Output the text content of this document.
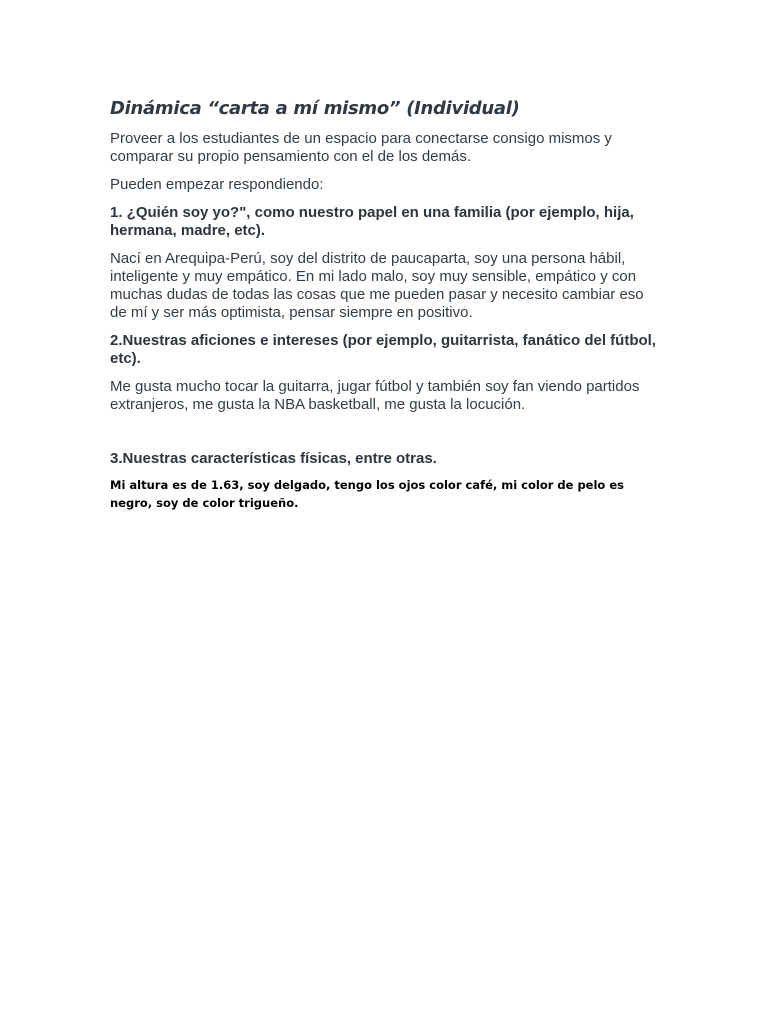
Dinámica “carta a mí mismo” (Individual)

Proveer a los estudiantes de un espacio para conectarse consigo mismos y comparar su propio pensamiento con el de los demás.

Pueden empezar respondiendo:

1. ¿Quién soy yo?", como nuestro papel en una familia (por ejemplo, hija, hermana, madre, etc).

Nací en Arequipa-Perú, soy del distrito de paucaparta, soy una persona hábil, inteligente y muy empático. En mi lado malo, soy muy sensible, empático y con muchas dudas de todas las cosas que me pueden pasar y necesito cambiar eso de mí y ser más optimista, pensar siempre en positivo.

2.Nuestras aficiones e intereses (por ejemplo, guitarrista, fanático del fútbol, etc).

Me gusta mucho tocar la guitarra, jugar fútbol y también soy fan viendo partidos extranjeros, me gusta la NBA basketball, me gusta la locución.

3.Nuestras características físicas, entre otras.

Mi altura es de 1.63, soy delgado, tengo los ojos color café, mi color de pelo es negro, soy de color trigueño.
